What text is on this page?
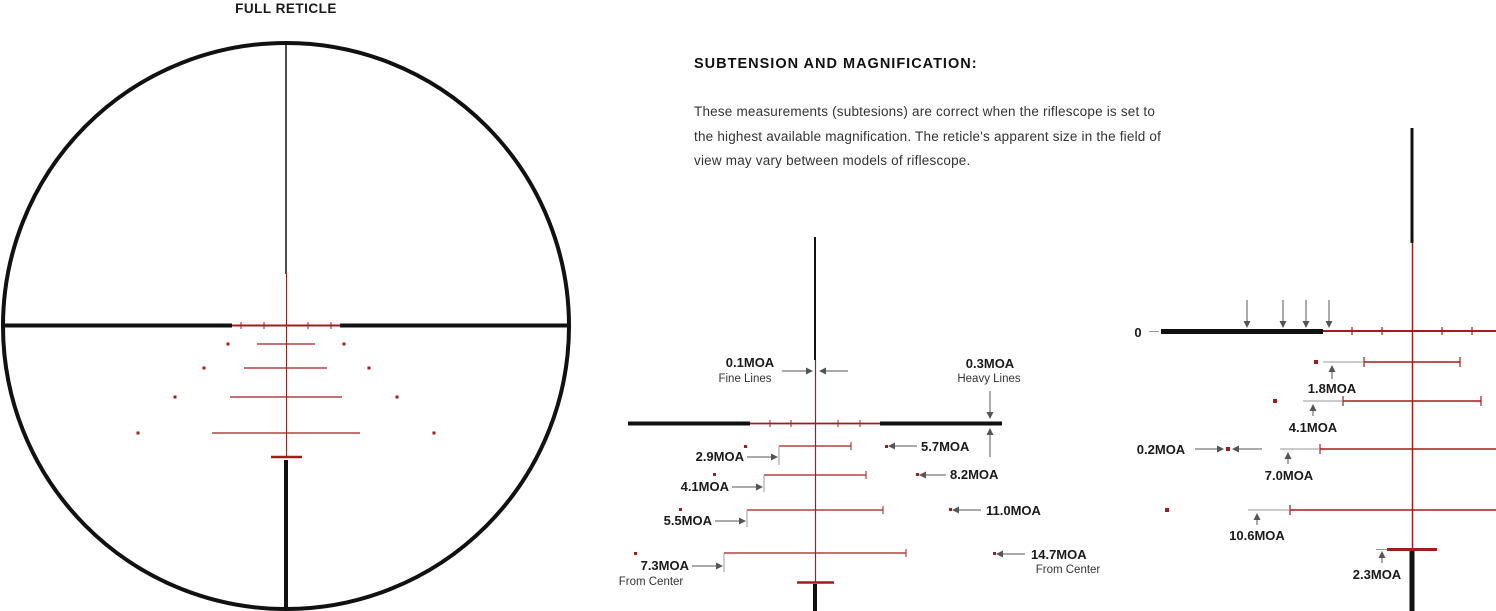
FULL RETICLE
0.1MOA
Fine Lines
0.3MOA
Heavy Lines
2.9MOA
4.1MOA
5.5MOA
7.3MOA
From Center
5.7MOA
8.2MOA
11.0MOA
14.7MOA
From Center
0
1.8MOA
4.1MOA
0.2MOA
7.0MOA
10.6MOA
2.3MOA
SUBTENSION AND MAGNIFICATION:

These measurements (subtesions) are correct when the riflescope is set to
the highest available magnification. The reticle's apparent size in the field of
view may vary between models of riflescope.
